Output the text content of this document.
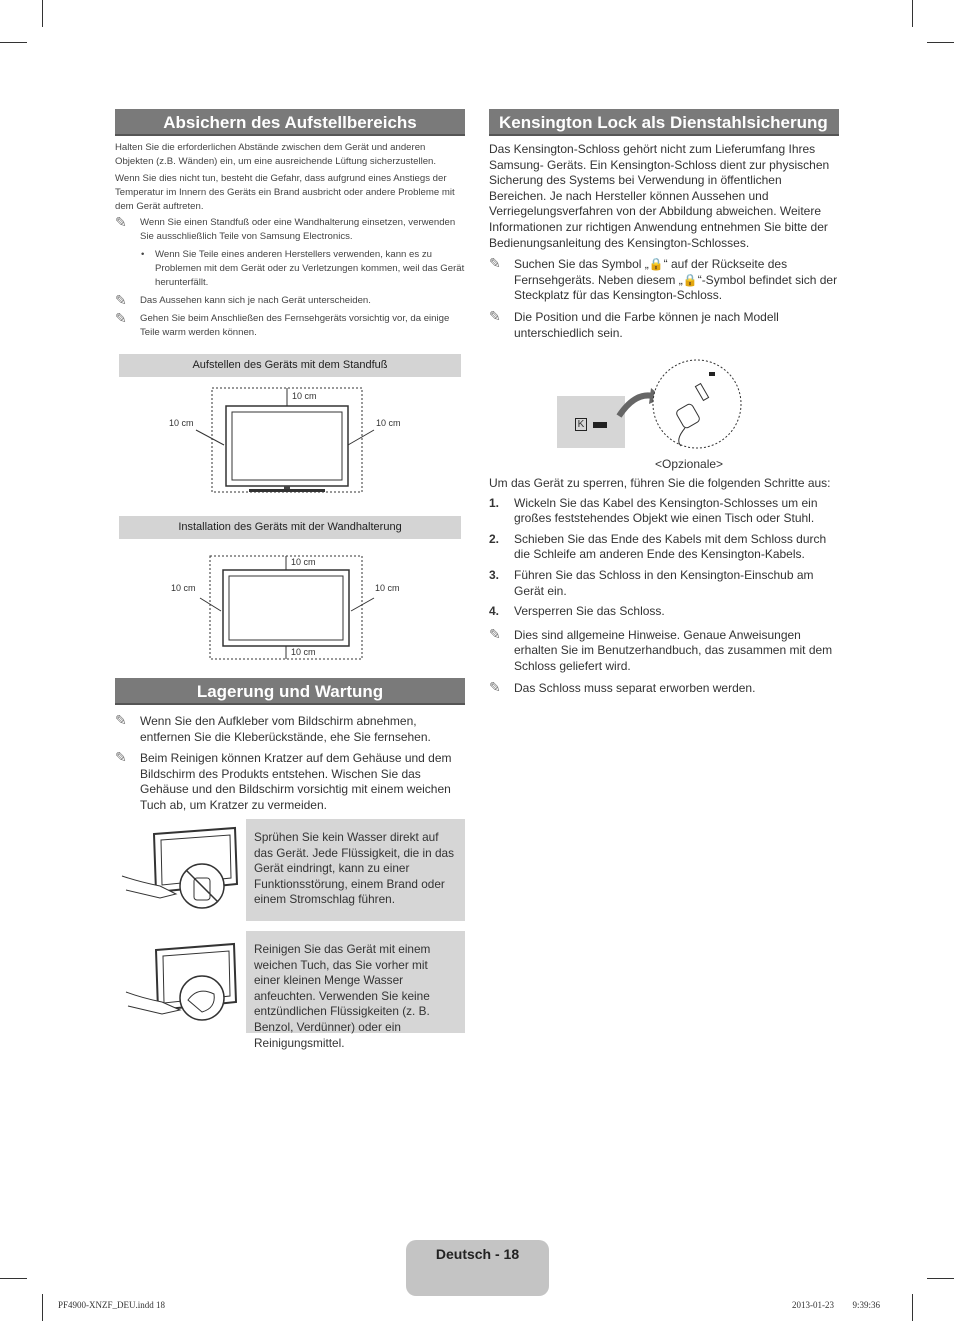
Absichern des Aufstellbereichs
Halten Sie die erforderlichen Abstände zwischen dem Gerät und anderen Objekten (z.B. Wänden) ein, um eine ausreichende Lüftung sicherzustellen.
Wenn Sie dies nicht tun, besteht die Gefahr, dass aufgrund eines Anstiegs der Temperatur im Innern des Geräts ein Brand ausbricht oder andere Probleme mit dem Gerät auftreten.
✎ Wenn Sie einen Standfuß oder eine Wandhalterung einsetzen, verwenden Sie ausschließlich Teile von Samsung Electronics.
• Wenn Sie Teile eines anderen Herstellers verwenden, kann es zu Problemen mit dem Gerät oder zu Verletzungen kommen, weil das Gerät herunterfällt.
✎ Das Aussehen kann sich je nach Gerät unterscheiden.
✎ Gehen Sie beim Anschließen des Fernsehgeräts vorsichtig vor, da einige Teile warm werden können.
Aufstellen des Geräts mit dem Standfuß
10 cm
10 cm	10 cm
Installation des Geräts mit der Wandhalterung
10 cm
10 cm	10 cm
10 cm
Lagerung und Wartung
✎ Wenn Sie den Aufkleber vom Bildschirm abnehmen, entfernen Sie die Kleberückstände, ehe Sie fernsehen.
✎ Beim Reinigen können Kratzer auf dem Gehäuse und dem Bildschirm des Produkts entstehen. Wischen Sie das Gehäuse und den Bildschirm vorsichtig mit einem weichen Tuch ab, um Kratzer zu vermeiden.
Sprühen Sie kein Wasser direkt auf das Gerät. Jede Flüssigkeit, die in das Gerät eindringt, kann zu einer Funktionsstörung, einem Brand oder einem Stromschlag führen.
Reinigen Sie das Gerät mit einem weichen Tuch, das Sie vorher mit einer kleinen Menge Wasser anfeuchten. Verwenden Sie keine entzündlichen Flüssigkeiten (z. B. Benzol, Verdünner) oder ein Reinigungsmittel.
Kensington Lock als Dienstahlsicherung
Das Kensington-Schloss gehört nicht zum Lieferumfang Ihres Samsung- Geräts. Ein Kensington-Schloss dient zur physischen Sicherung des Systems bei Verwendung in öffentlichen Bereichen. Je nach Hersteller können Aussehen und Verriegelungsverfahren von der Abbildung abweichen. Weitere Informationen zur richtigen Anwendung entnehmen Sie bitte der Bedienungsanleitung des Kensington-Schlosses.
✎ Suchen Sie das Symbol „🔒“ auf der Rückseite des Fernsehgeräts. Neben diesem „🔒“-Symbol befindet sich der Steckplatz für das Kensington-Schloss.
✎ Die Position und die Farbe können je nach Modell unterschiedlich sein.
K
<Opzionale>
Um das Gerät zu sperren, führen Sie die folgenden Schritte aus:
1. Wickeln Sie das Kabel des Kensington-Schlosses um ein großes feststehendes Objekt wie einen Tisch oder Stuhl.
2. Schieben Sie das Ende des Kabels mit dem Schloss durch die Schleife am anderen Ende des Kensington-Kabels.
3. Führen Sie das Schloss in den Kensington-Einschub am Gerät ein.
4. Versperren Sie das Schloss.
✎ Dies sind allgemeine Hinweise. Genaue Anweisungen erhalten Sie im Benutzerhandbuch, das zusammen mit dem Schloss geliefert wird.
✎ Das Schloss muss separat erworben werden.
Deutsch - 18
PF4900-XNZF_DEU.indd 18	2013-01-23 ￿￿ 9:39:36
